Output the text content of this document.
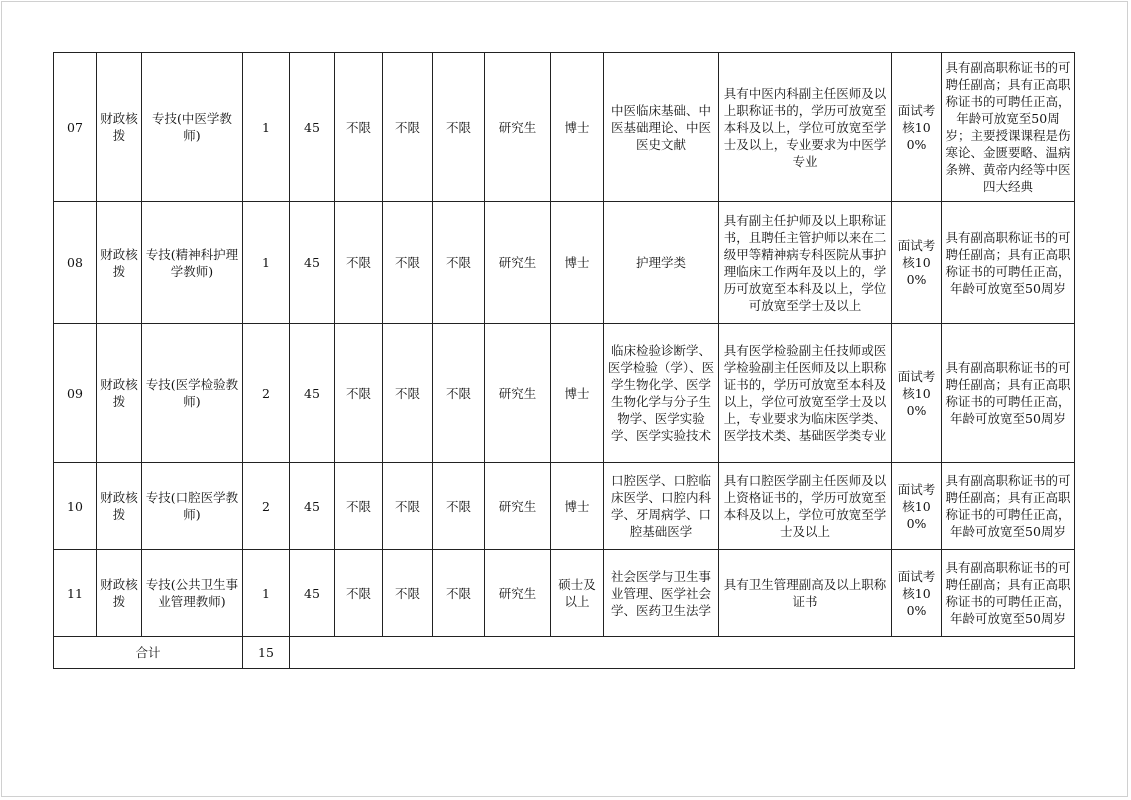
07	财政核拨	专技(中医学教师)	1	45	不限	不限	不限	研究生	博士	中医临床基础、中医基础理论、中医医史文献	具有中医内科副主任医师及以上职称证书的，学历可放宽至本科及以上，学位可放宽至学士及以上，专业要求为中医学专业	面试考核100%	具有副高职称证书的可聘任副高；具有正高职称证书的可聘任正高，年龄可放宽至50周岁；主要授课课程是伤寒论、金匮要略、温病条辨、黄帝内经等中医四大经典
08	财政核拨	专技(精神科护理学教师)	1	45	不限	不限	不限	研究生	博士	护理学类	具有副主任护师及以上职称证书，且聘任主管护师以来在二级甲等精神病专科医院从事护理临床工作两年及以上的，学历可放宽至本科及以上，学位可放宽至学士及以上	面试考核100%	具有副高职称证书的可聘任副高；具有正高职称证书的可聘任正高，年龄可放宽至50周岁
09	财政核拨	专技(医学检验教师)	2	45	不限	不限	不限	研究生	博士	临床检验诊断学、医学检验（学）、医学生物化学、医学生物化学与分子生物学、医学实验学、医学实验技术	具有医学检验副主任技师或医学检验副主任医师及以上职称证书的，学历可放宽至本科及以上，学位可放宽至学士及以上，专业要求为临床医学类、医学技术类、基础医学类专业	面试考核100%	具有副高职称证书的可聘任副高；具有正高职称证书的可聘任正高，年龄可放宽至50周岁
10	财政核拨	专技(口腔医学教师)	2	45	不限	不限	不限	研究生	博士	口腔医学、口腔临床医学、口腔内科学、牙周病学、口腔基础医学	具有口腔医学副主任医师及以上资格证书的，学历可放宽至本科及以上，学位可放宽至学士及以上	面试考核100%	具有副高职称证书的可聘任副高；具有正高职称证书的可聘任正高，年龄可放宽至50周岁
11	财政核拨	专技(公共卫生事业管理教师)	1	45	不限	不限	不限	研究生	硕士及以上	社会医学与卫生事业管理、医学社会学、医药卫生法学	具有卫生管理副高及以上职称证书	面试考核100%	具有副高职称证书的可聘任副高；具有正高职称证书的可聘任正高，年龄可放宽至50周岁
合计			15										
